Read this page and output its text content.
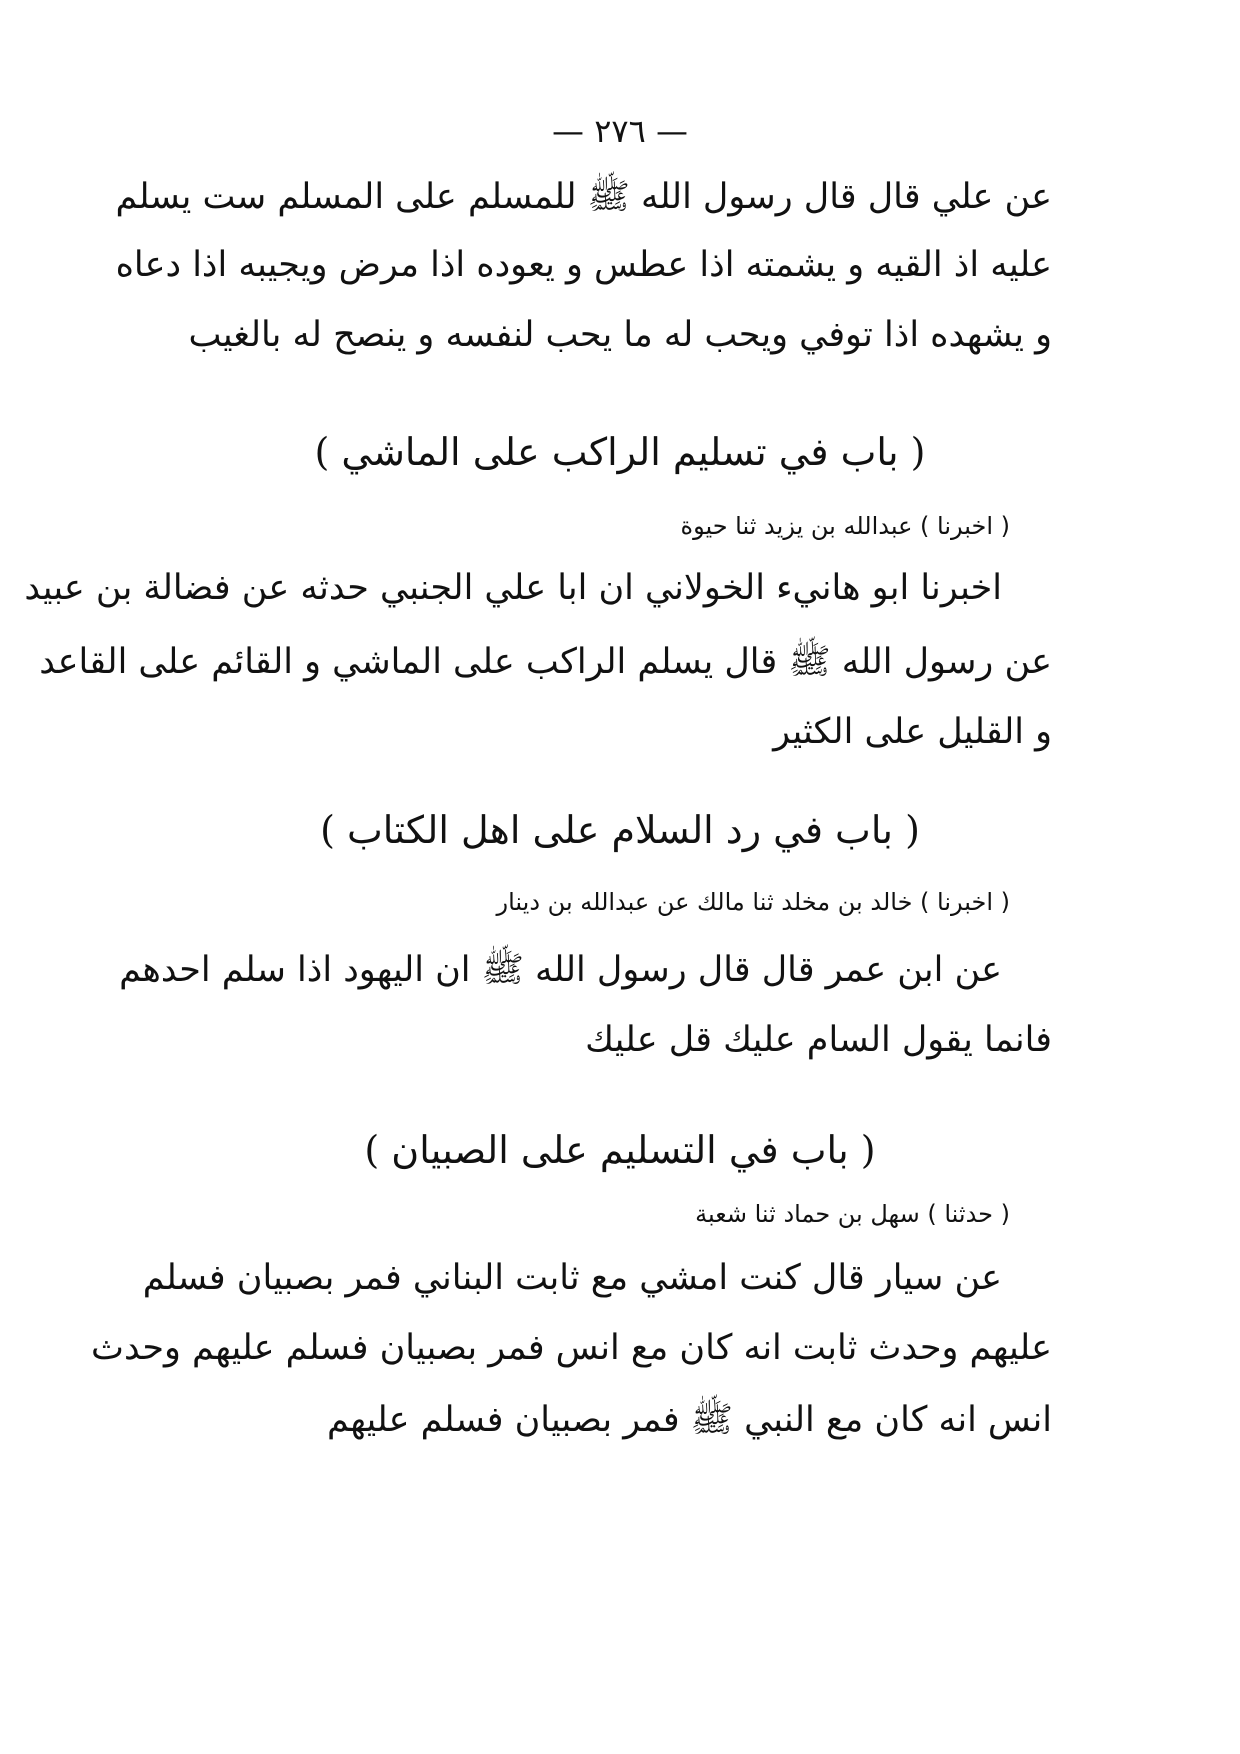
— ٢٧٦ —
عن علي قال قال رسول الله ﷺ للمسلم على المسلم ست يسلم
عليه اذ القيه و يشمته اذا عطس و يعوده اذا مرض ويجيبه اذا دعاه
و يشهده اذا توفي ويحب له ما يحب لنفسه و ينصح له بالغيب
( باب في تسليم الراكب على الماشي )
( اخبرنا ) عبدالله بن يزيد ثنا حيوة
اخبرنا ابو هانيء الخولاني ان ابا علي الجنبي حدثه عن فضالة بن عبيد
عن رسول الله ﷺ قال يسلم الراكب على الماشي و القائم على القاعد
و القليل على الكثير
( باب في رد السلام على اهل الكتاب )
( اخبرنا ) خالد بن مخلد ثنا مالك عن عبدالله بن دينار
عن ابن عمر قال قال رسول الله ﷺ ان اليهود اذا سلم احدهم
فانما يقول السام عليك قل عليك
( باب في التسليم على الصبيان )
( حدثنا ) سهل بن حماد ثنا شعبة
عن سيار قال كنت امشي مع ثابت البناني فمر بصبيان فسلم
عليهم وحدث ثابت انه كان مع انس فمر بصبيان فسلم عليهم وحدث
انس انه كان مع النبي ﷺ فمر بصبيان فسلم عليهم
